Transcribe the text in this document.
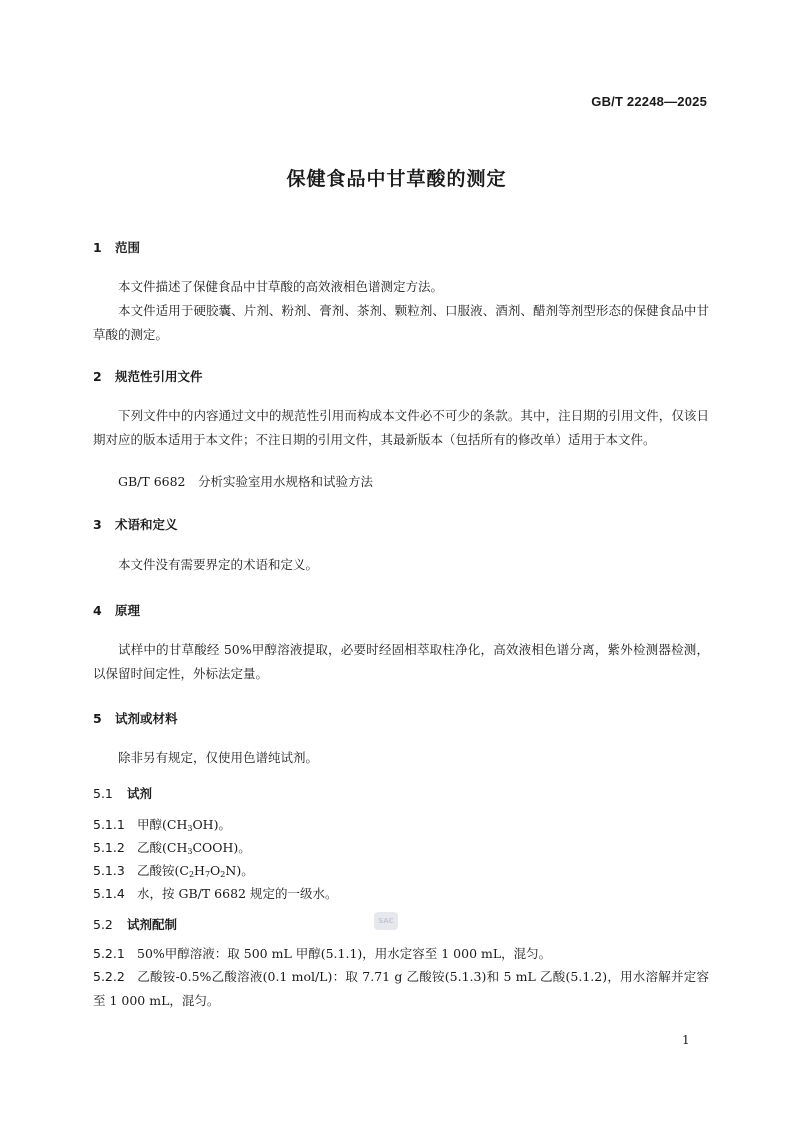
GB/T 22248—2025
保健食品中甘草酸的测定
1 范围
本文件描述了保健食品中甘草酸的高效液相色谱测定方法。
本文件适用于硬胶囊、片剂、粉剂、膏剂、茶剂、颗粒剂、口服液、酒剂、醋剂等剂型形态的保健食品中甘草酸的测定。
2 规范性引用文件
下列文件中的内容通过文中的规范性引用而构成本文件必不可少的条款。其中，注日期的引用文件，仅该日期对应的版本适用于本文件；不注日期的引用文件，其最新版本（包括所有的修改单）适用于本文件。
GB/T 6682　分析实验室用水规格和试验方法
3 术语和定义
本文件没有需要界定的术语和定义。
4 原理
试样中的甘草酸经 50%甲醇溶液提取，必要时经固相萃取柱净化，高效液相色谱分离，紫外检测器检测，以保留时间定性，外标法定量。
5 试剂或材料
除非另有规定，仅使用色谱纯试剂。
5.1 试剂
5.1.1 甲醇$(CH_3OH)$。
5.1.2 乙酸$(CH_3COOH)$。
5.1.3 乙酸铵$(C_2H_7O_2N)$。
5.1.4 水，按 GB/T 6682 规定的一级水。
5.2 试剂配制	SAC
5.2.1 50%甲醇溶液：取 500 mL 甲醇(5.1.1)，用水定容至 1 000 mL，混匀。
5.2.2 乙酸铵-0.5%乙酸溶液(0.1 mol/L)：取 7.71 g 乙酸铵(5.1.3)和 5 mL 乙酸(5.1.2)，用水溶解并定容至 1 000 mL，混匀。
1
